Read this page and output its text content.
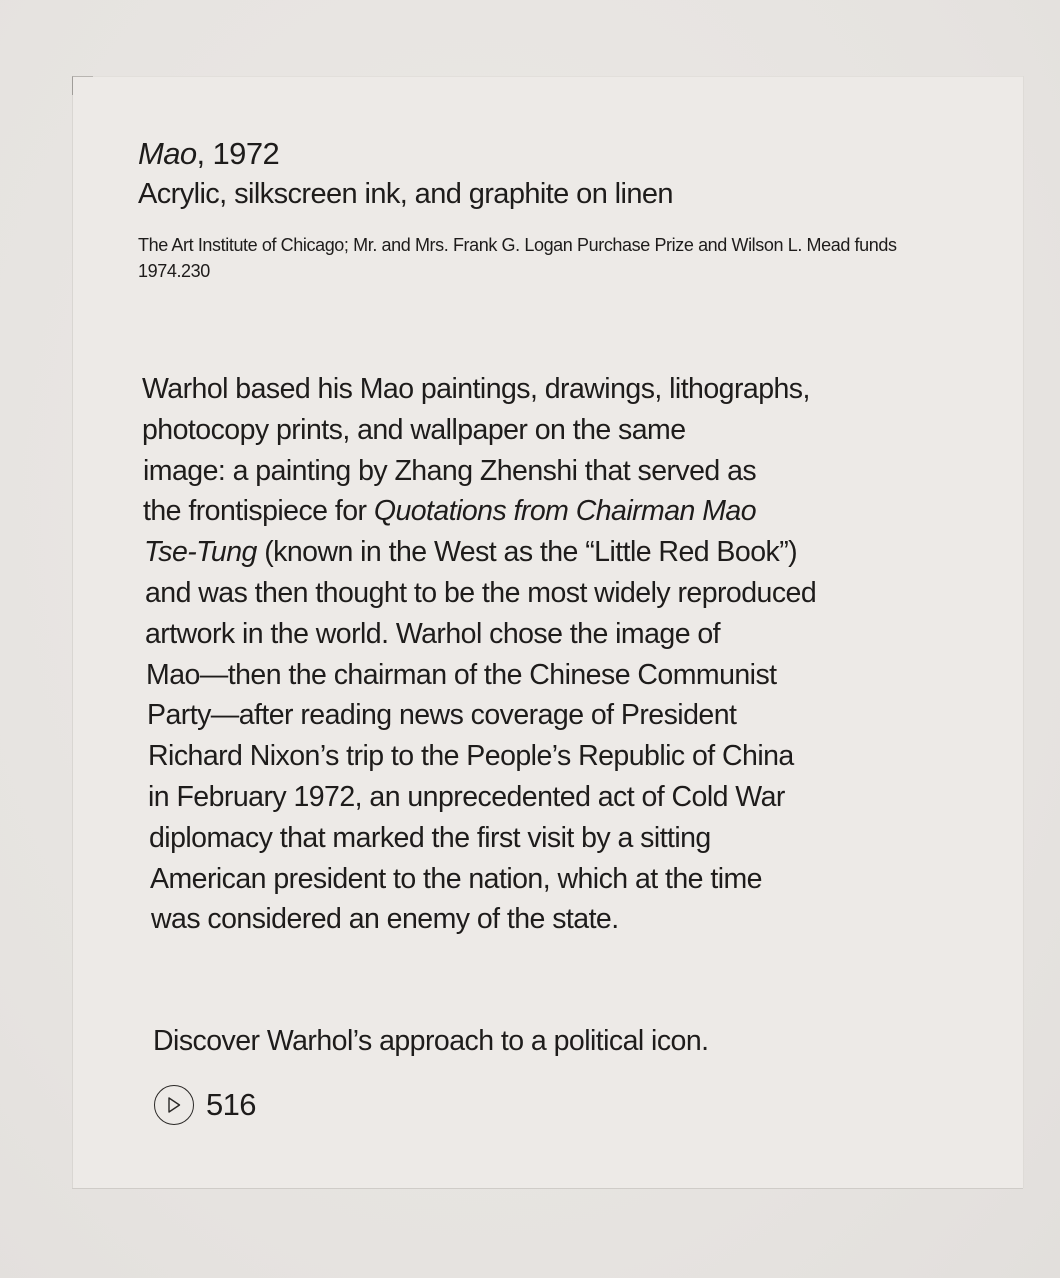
Mao, 1972
Acrylic, silkscreen ink, and graphite on linen
The Art Institute of Chicago; Mr. and Mrs. Frank G. Logan Purchase Prize and Wilson L. Mead funds 1974.230
Warhol based his Mao paintings, drawings, lithographs,
photocopy prints, and wallpaper on the same
image: a painting by Zhang Zhenshi that served as
the frontispiece for Quotations from Chairman Mao
Tse-Tung (known in the West as the “Little Red Book”)
and was then thought to be the most widely reproduced
artwork in the world. Warhol chose the image of
Mao—then the chairman of the Chinese Communist
Party—after reading news coverage of President
Richard Nixon’s trip to the People’s Republic of China
in February 1972, an unprecedented act of Cold War
diplomacy that marked the first visit by a sitting
American president to the nation, which at the time
was considered an enemy of the state.
Discover Warhol’s approach to a political icon.
516
